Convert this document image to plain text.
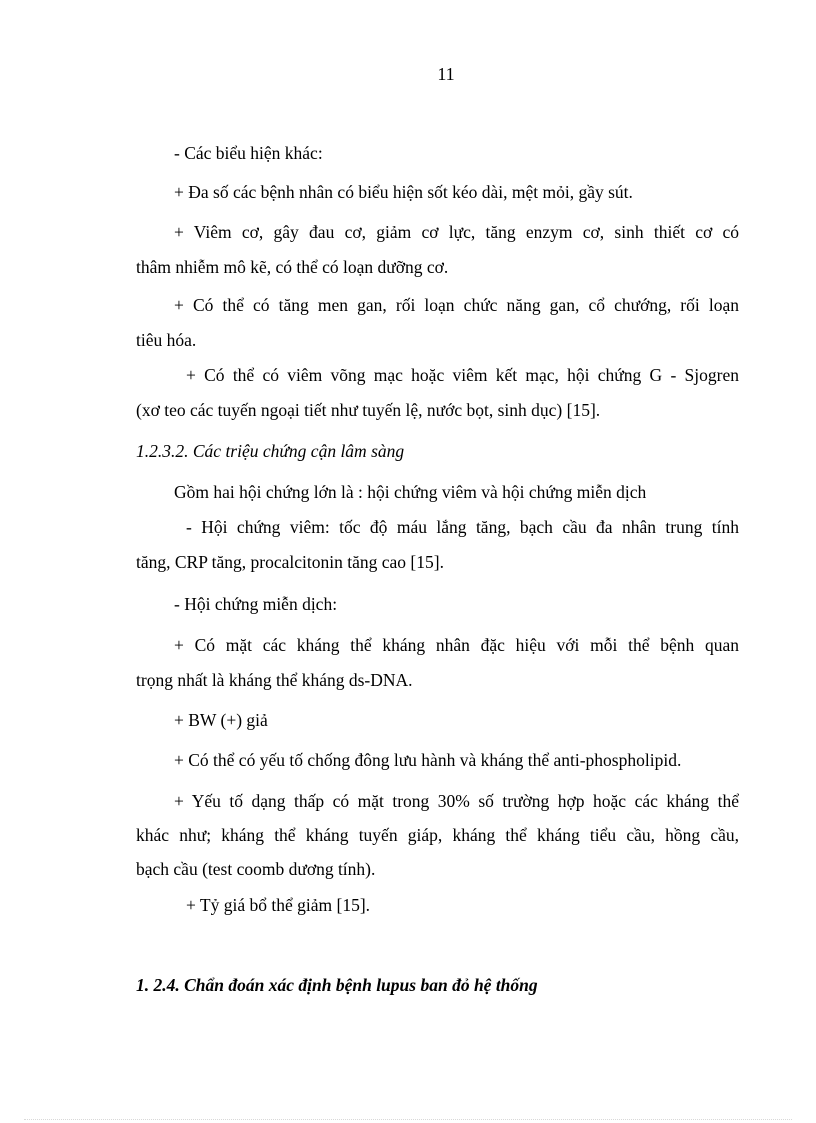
11
- Các biểu hiện khác:
+ Đa số các bệnh nhân có biểu hiện sốt kéo dài, mệt mỏi, gầy sút.
+ Viêm cơ, gây đau cơ, giảm cơ lực, tăng enzym cơ, sinh thiết cơ có
thâm nhiễm mô kẽ, có thể có loạn dưỡng cơ.
+ Có thể có tăng men gan, rối loạn chức năng gan, cổ chướng, rối loạn
tiêu hóa.
+ Có thể có viêm võng mạc hoặc viêm kết mạc, hội chứng G - Sjogren
(xơ teo các tuyến ngoại tiết như tuyến lệ, nước bọt, sinh dục) [15].
1.2.3.2. Các triệu chứng cận lâm sàng
Gồm hai hội chứng lớn là : hội chứng viêm và hội chứng miễn dịch
- Hội chứng viêm: tốc độ máu lắng tăng, bạch cầu đa nhân trung tính
tăng, CRP tăng, procalcitonin tăng cao [15].
- Hội chứng miễn dịch:
+ Có mặt các kháng thể kháng nhân đặc hiệu với mỗi thể bệnh quan
trọng nhất là kháng thể kháng ds-DNA.
+ BW (+) giả
+ Có thể có yếu tố chống đông lưu hành và kháng thể anti-phospholipid.
+ Yếu tố dạng thấp có mặt trong 30% số trường hợp hoặc các kháng thể
khác như; kháng thể kháng tuyến giáp, kháng thể kháng tiểu cầu, hồng cầu,
bạch cầu (test coomb dương tính).
+ Tỷ giá bổ thể giảm [15].
1. 2.4. Chẩn đoán xác định bệnh lupus ban đỏ hệ thống
